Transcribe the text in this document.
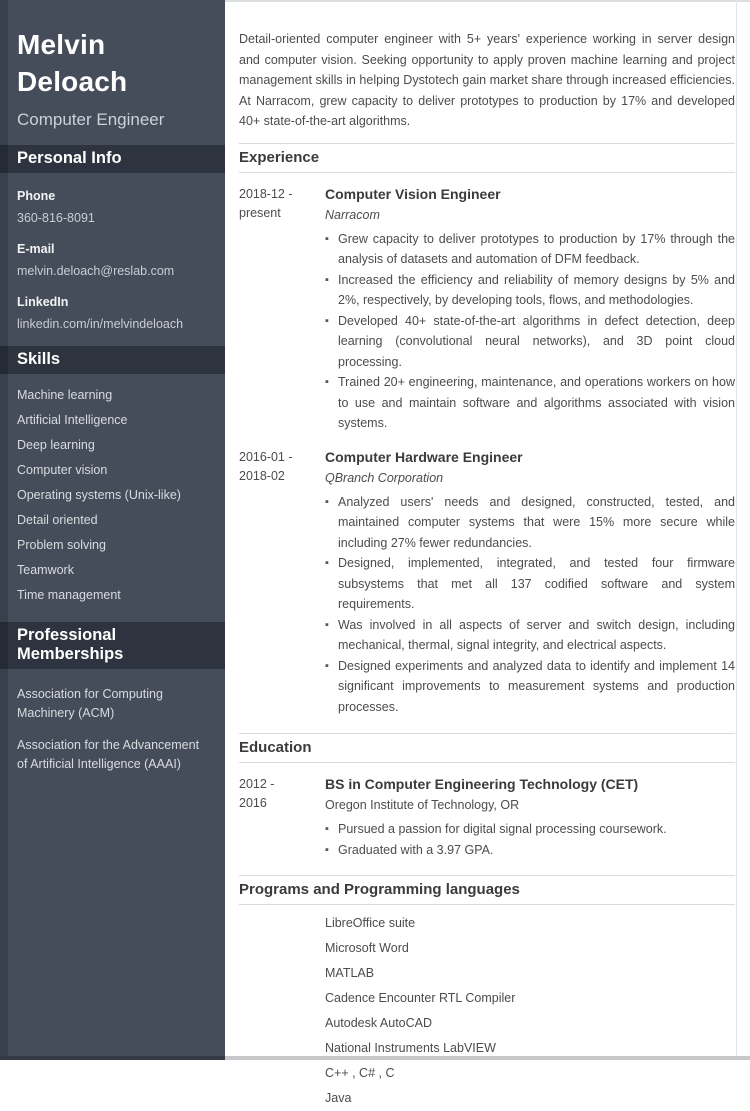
Melvin Deloach
Computer Engineer
Personal Info
Phone
360-816-8091
E-mail
melvin.deloach@reslab.com
LinkedIn
linkedin.com/in/melvindeloach
Skills
Machine learning
Artificial Intelligence
Deep learning
Computer vision
Operating systems (Unix-like)
Detail oriented
Problem solving
Teamwork
Time management
Professional Memberships
Association for Computing Machinery (ACM)
Association for the Advancement of Artificial Intelligence (AAAI)

Detail-oriented computer engineer with 5+ years' experience working in server design and computer vision. Seeking opportunity to apply proven machine learning and project management skills in helping Dystotech gain market share through increased efficiencies. At Narracom, grew capacity to deliver prototypes to production by 17% and developed 40+ state-of-the-art algorithms.

Experience
2018-12 -
present
Computer Vision Engineer
Narracom
▪ Grew capacity to deliver prototypes to production by 17% through the analysis of datasets and automation of DFM feedback.
▪ Increased the efficiency and reliability of memory designs by 5% and 2%, respectively, by developing tools, flows, and methodologies.
▪ Developed 40+ state-of-the-art algorithms in defect detection, deep learning (convolutional neural networks), and 3D point cloud processing.
▪ Trained 20+ engineering, maintenance, and operations workers on how to use and maintain software and algorithms associated with vision systems.
2016-01 -
2018-02
Computer Hardware Engineer
QBranch Corporation
▪ Analyzed users' needs and designed, constructed, tested, and maintained computer systems that were 15% more secure while including 27% fewer redundancies.
▪ Designed, implemented, integrated, and tested four firmware subsystems that met all 137 codified software and system requirements.
▪ Was involved in all aspects of server and switch design, including mechanical, thermal, signal integrity, and electrical aspects.
▪ Designed experiments and analyzed data to identify and implement 14 significant improvements to measurement systems and production processes.
Education
2012 -
2016
BS in Computer Engineering Technology (CET)
Oregon Institute of Technology, OR
▪ Pursued a passion for digital signal processing coursework.
▪ Graduated with a 3.97 GPA.
Programs and Programming languages
LibreOffice suite
Microsoft Word
MATLAB
Cadence Encounter RTL Compiler
Autodesk AutoCAD
National Instruments LabVIEW
C++ , C# , C
Java
